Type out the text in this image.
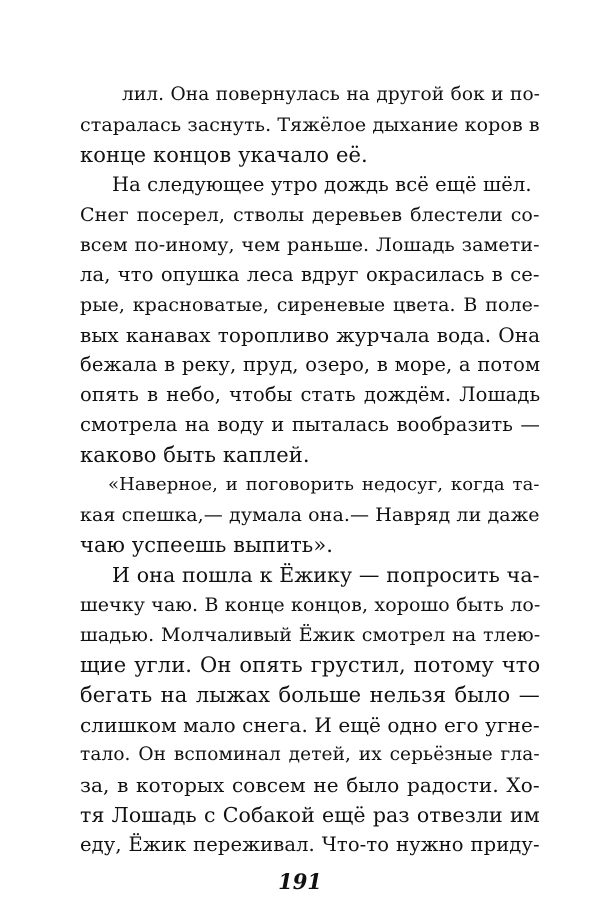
лил. Она повернулась на другой бок и по-
старалась заснуть. Тяжёлое дыхание коров в
конце концов укачало её.
На следующее утро дождь всё ещё шёл.
Снег посерел, стволы деревьев блестели со-
всем по-иному, чем раньше. Лошадь замети-
ла, что опушка леса вдруг окрасилась в се-
рые, красноватые, сиреневые цвета. В поле-
вых канавах торопливо журчала вода. Она
бежала в реку, пруд, озеро, в море, а потом
опять в небо, чтобы стать дождём. Лошадь
смотрела на воду и пыталась вообразить —
каково быть каплей.
«Наверное, и поговорить недосуг, когда та-
кая спешка,— думала она.— Навряд ли даже
чаю успеешь выпить».
И она пошла к Ёжику — попросить ча-
шечку чаю. В конце концов, хорошо быть ло-
шадью. Молчаливый Ёжик смотрел на тлею-
щие угли. Он опять грустил, потому что
бегать на лыжах больше нельзя было —
слишком мало снега. И ещё одно его угне-
тало. Он вспоминал детей, их серьёзные гла-
за, в которых совсем не было радости. Хо-
тя Лошадь с Собакой ещё раз отвезли им
еду, Ёжик переживал. Что-то нужно приду-
191
